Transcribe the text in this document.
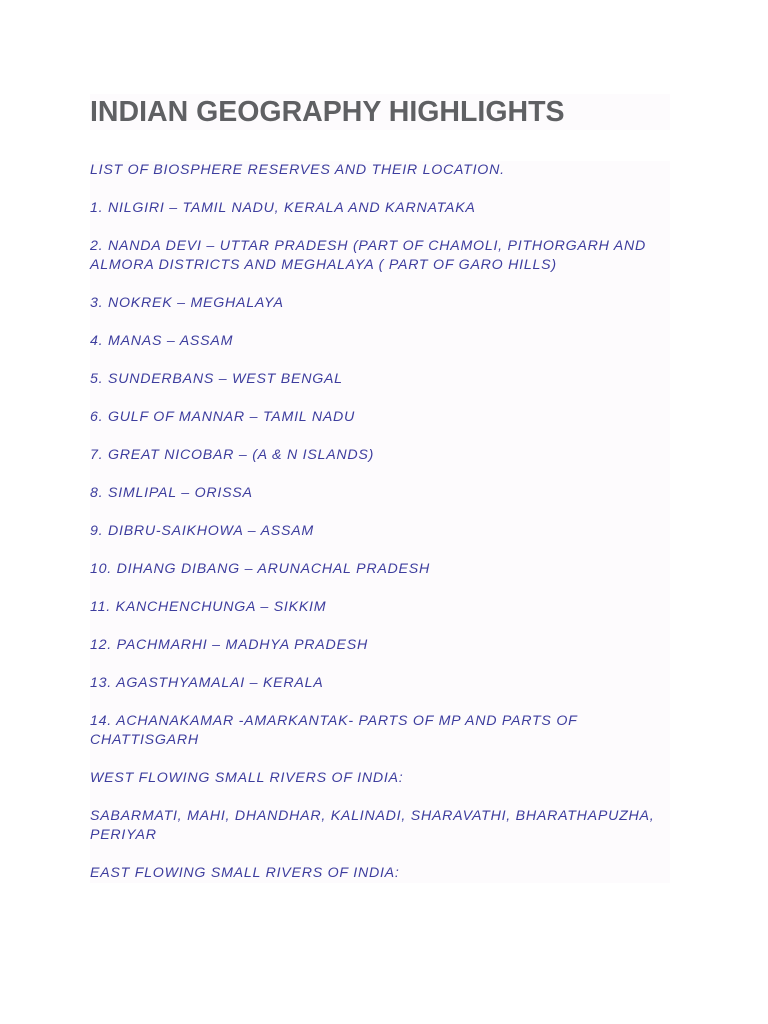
INDIAN GEOGRAPHY HIGHLIGHTS

LIST OF BIOSPHERE RESERVES AND THEIR LOCATION.

1. NILGIRI – TAMIL NADU, KERALA AND KARNATAKA

2. NANDA DEVI – UTTAR PRADESH (PART OF CHAMOLI, PITHORGARH AND ALMORA DISTRICTS AND MEGHALAYA ( PART OF GARO HILLS)

3. NOKREK – MEGHALAYA

4. MANAS – ASSAM

5. SUNDERBANS – WEST BENGAL

6. GULF OF MANNAR – TAMIL NADU

7. GREAT NICOBAR – (A & N ISLANDS)

8. SIMLIPAL – ORISSA

9. DIBRU-SAIKHOWA – ASSAM

10. DIHANG DIBANG – ARUNACHAL PRADESH

11. KANCHENCHUNGA – SIKKIM

12. PACHMARHI – MADHYA PRADESH

13. AGASTHYAMALAI – KERALA

14. ACHANAKAMAR -AMARKANTAK- PARTS OF MP AND PARTS OF CHATTISGARH

WEST FLOWING SMALL RIVERS OF INDIA:

SABARMATI, MAHI, DHANDHAR, KALINADI, SHARAVATHI, BHARATHAPUZHA, PERIYAR

EAST FLOWING SMALL RIVERS OF INDIA:
